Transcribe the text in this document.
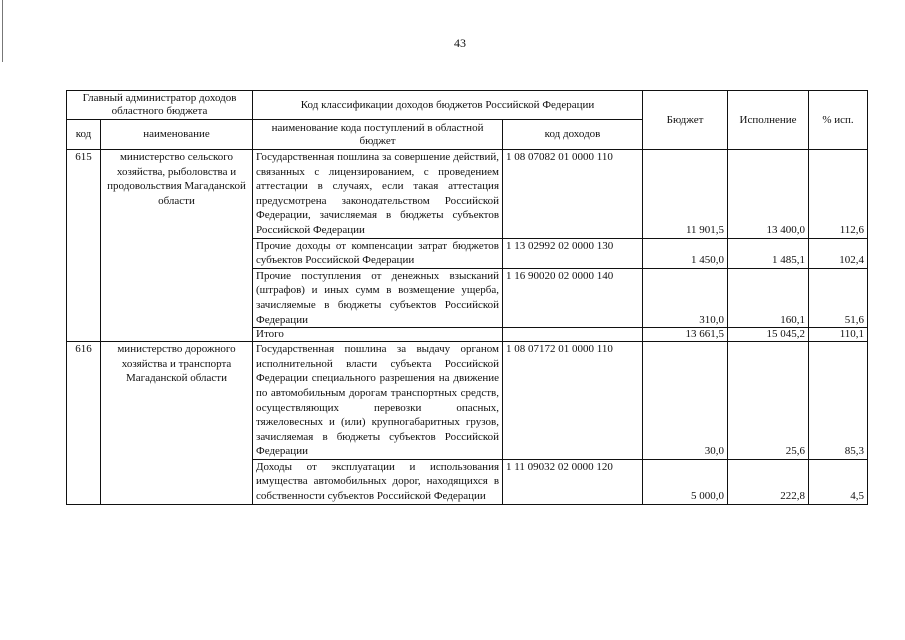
43
Главный администратор доходов областного бюджета		Код классификации доходов бюджетов Российской Федерации		Бюджет	Исполнение	% исп.
код	наименование	наименование кода поступлений в областной бюджет	код доходов			
615	министерство сельского хозяйства, рыболовства и продовольствия Магаданской области	Государственная пошлина за совершение действий, связанных с лицензированием, с проведением аттестации в случаях, если такая аттестация предусмотрена законодательством Российской Федерации, зачисляемая в бюджеты субъектов Российской Федерации	1 08 07082 01 0000 110	11 901,5	13 400,0	112,6
		Прочие доходы от компенсации затрат бюджетов субъектов Российской Федерации	1 13 02992 02 0000 130	1 450,0	1 485,1	102,4
		Прочие поступления от денежных взысканий (штрафов) и иных сумм в возмещение ущерба, зачисляемые в бюджеты субъектов Российской Федерации	1 16 90020 02 0000 140	310,0	160,1	51,6
		Итого		13 661,5	15 045,2	110,1
616	министерство дорожного хозяйства и транспорта Магаданской области	Государственная пошлина за выдачу органом исполнительной власти субъекта Российской Федерации специального разрешения на движение по автомобильным дорогам транспортных средств, осуществляющих перевозки опасных, тяжеловесных и (или) крупногабаритных грузов, зачисляемая в бюджеты субъектов Российской Федерации	1 08 07172 01 0000 110	30,0	25,6	85,3
		Доходы от эксплуатации и использования имущества автомобильных дорог, находящихся в собственности субъектов Российской Федерации	1 11 09032 02 0000 120	5 000,0	222,8	4,5
